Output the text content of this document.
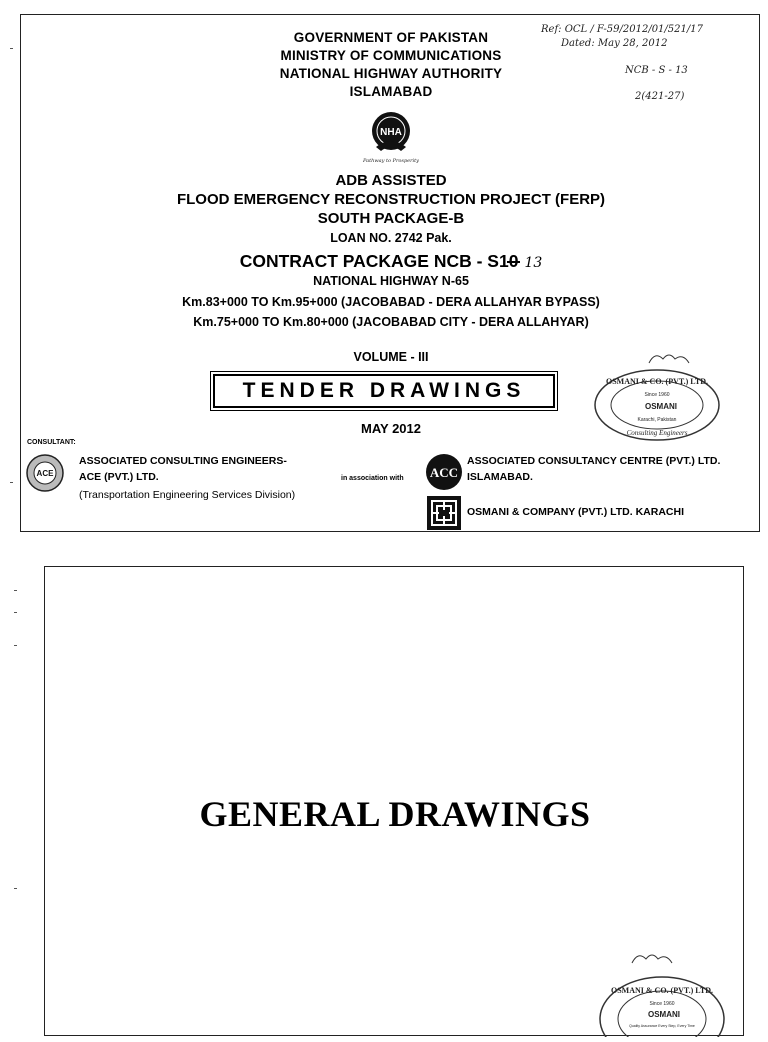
GOVERNMENT OF PAKISTAN
MINISTRY OF COMMUNICATIONS
NATIONAL HIGHWAY AUTHORITY
ISLAMABAD
Ref: OCL / F-59/2012/01/521/17
Dated: May 28, 2012
NCB - S - 13
2(421-27)
NHA
Pathway to Prosperity
ADB ASSISTED
FLOOD EMERGENCY RECONSTRUCTION PROJECT (FERP)
SOUTH PACKAGE-B
LOAN NO. 2742 Pak.
CONTRACT PACKAGE NCB - S10 13
NATIONAL HIGHWAY N-65
Km.83+000 TO Km.95+000 (JACOBABAD - DERA ALLAHYAR BYPASS)
Km.75+000 TO Km.80+000 (JACOBABAD CITY - DERA ALLAHYAR)
VOLUME - III
TENDER DRAWINGS
MAY 2012
OSMANI & CO. (PVT.) LTD.
Since 1960
OSMANI
Karachi, Pakistan
Consulting Engineers
CONSULTANT:
ACE
ASSOCIATED CONSULTING ENGINEERS-
ACE (PVT.) LTD.
(Transportation Engineering Services Division)
in association with ACC
ASSOCIATED CONSULTANCY CENTRE (PVT.) LTD.
ISLAMABAD.
OSMANI & COMPANY (PVT.) LTD. KARACHI
GENERAL DRAWINGS
OSMANI & CO. (PVT.) LTD.
Since 1960
OSMANI
Quality Assurance Every Step, Every Time
